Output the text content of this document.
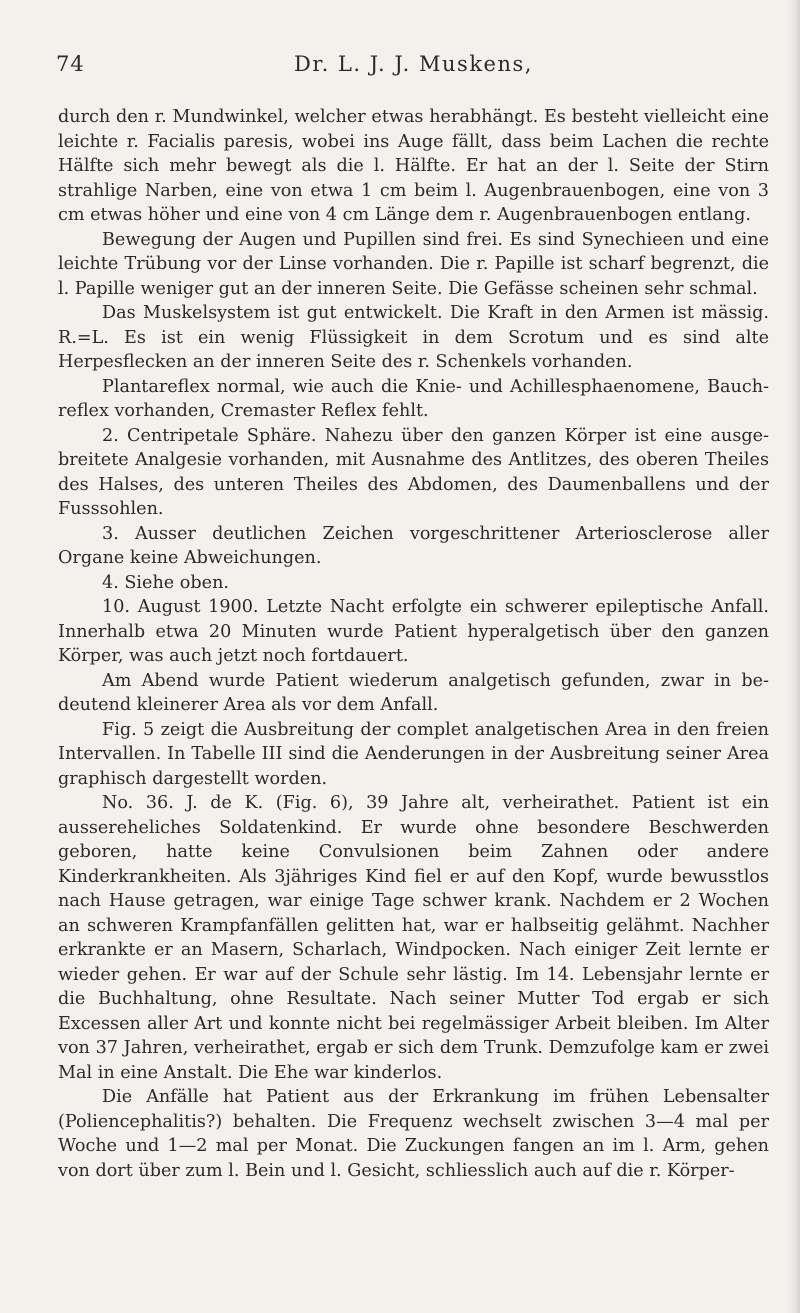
74	Dr. L. J. J. Muskens,

durch den r. Mundwinkel, welcher etwas herabhängt. Es besteht vielleicht eine leichte r. Facialis paresis, wobei ins Auge fällt, dass beim Lachen die rechte Hälfte sich mehr bewegt als die l. Hälfte. Er hat an der l. Seite der Stirn strahlige Narben, eine von etwa 1 cm beim l. Augenbrauenbogen, eine von 3 cm etwas höher und eine von 4 cm Länge dem r. Augenbrauenbogen entlang.

Bewegung der Augen und Pupillen sind frei. Es sind Synechieen und eine leichte Trübung vor der Linse vorhanden. Die r. Papille ist scharf begrenzt, die l. Papille weniger gut an der inneren Seite. Die Gefässe scheinen sehr schmal.

Das Muskelsystem ist gut entwickelt. Die Kraft in den Armen ist mässig. R.=L. Es ist ein wenig Flüssigkeit in dem Scrotum und es sind alte Herpesflecken an der inneren Seite des r. Schenkels vorhanden.

Plantareflex normal, wie auch die Knie- und Achillesphaenomene, Bauchreflex vorhanden, Cremaster Reflex fehlt.

2. Centripetale Sphäre. Nahezu über den ganzen Körper ist eine ausgebreitete Analgesie vorhanden, mit Ausnahme des Antlitzes, des oberen Theiles des Halses, des unteren Theiles des Abdomen, des Daumenballens und der Fusssohlen.

3. Ausser deutlichen Zeichen vorgeschrittener Arteriosclerose aller Organe keine Abweichungen.

4. Siehe oben.

10. August 1900. Letzte Nacht erfolgte ein schwerer epileptische Anfall. Innerhalb etwa 20 Minuten wurde Patient hyperalgetisch über den ganzen Körper, was auch jetzt noch fortdauert.

Am Abend wurde Patient wiederum analgetisch gefunden, zwar in bedeutend kleinerer Area als vor dem Anfall.

Fig. 5 zeigt die Ausbreitung der complet analgetischen Area in den freien Intervallen. In Tabelle III sind die Aenderungen in der Ausbreitung seiner Area graphisch dargestellt worden.

No. 36. J. de K. (Fig. 6), 39 Jahre alt, verheirathet. Patient ist ein aussereheliches Soldatenkind. Er wurde ohne besondere Beschwerden geboren, hatte keine Convulsionen beim Zahnen oder andere Kinderkrankheiten. Als 3jähriges Kind fiel er auf den Kopf, wurde bewusstlos nach Hause getragen, war einige Tage schwer krank. Nachdem er 2 Wochen an schweren Krampfanfällen gelitten hat, war er halbseitig gelähmt. Nachher erkrankte er an Masern, Scharlach, Windpocken. Nach einiger Zeit lernte er wieder gehen. Er war auf der Schule sehr lästig. Im 14. Lebensjahr lernte er die Buchhaltung, ohne Resultate. Nach seiner Mutter Tod ergab er sich Excessen aller Art und konnte nicht bei regelmässiger Arbeit bleiben. Im Alter von 37 Jahren, verheirathet, ergab er sich dem Trunk. Demzufolge kam er zwei Mal in eine Anstalt. Die Ehe war kinderlos.

Die Anfälle hat Patient aus der Erkrankung im frühen Lebensalter (Poliencephalitis?) behalten. Die Frequenz wechselt zwischen 3—4 mal per Woche und 1—2 mal per Monat. Die Zuckungen fangen an im l. Arm, gehen von dort über zum l. Bein und l. Gesicht, schliesslich auch auf die r. Körper-
